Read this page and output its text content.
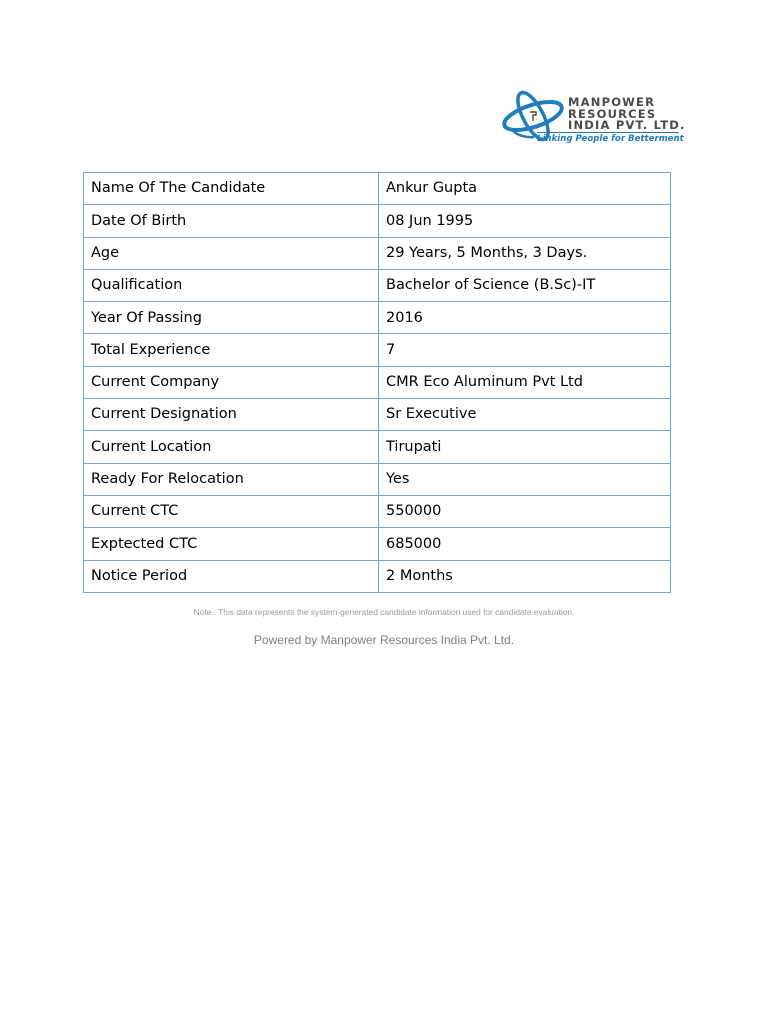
MANPOWER
RESOURCES
INDIA PVT. LTD.
Linking People for Betterment
Name Of The Candidate	Ankur Gupta
Date Of Birth	08 Jun 1995
Age	29 Years, 5 Months, 3 Days.
Qualification	Bachelor of Science (B.Sc)-IT
Year Of Passing	2016
Total Experience	7
Current Company	CMR Eco Aluminum Pvt Ltd
Current Designation	Sr Executive
Current Location	Tirupati
Ready For Relocation	Yes
Current CTC	550000
Exptected CTC	685000
Notice Period	2 Months
Note : This data represents the system-generated candidate information used for candidate evaluation.
Powered by Manpower Resources India Pvt. Ltd.
